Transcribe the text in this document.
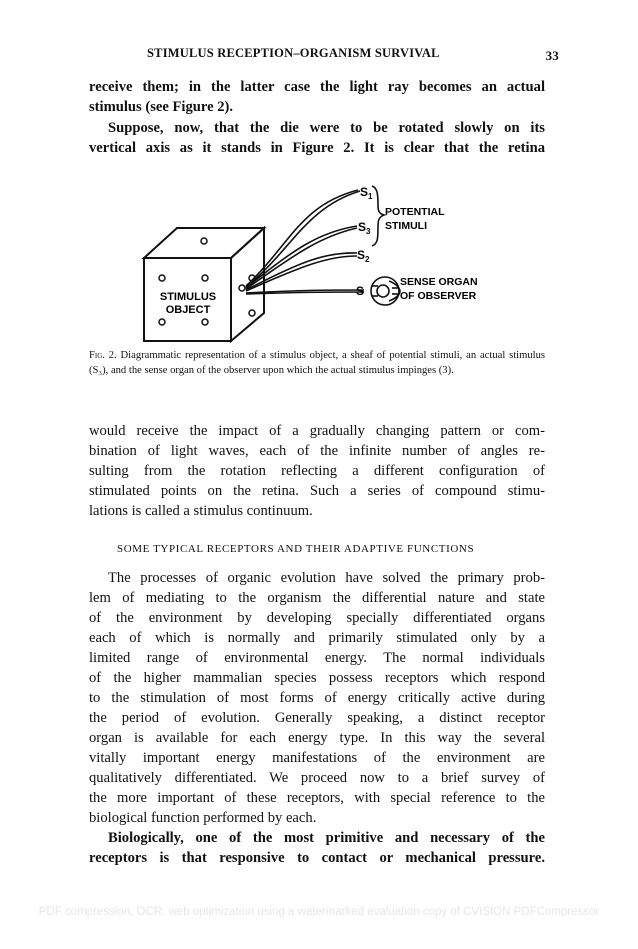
STIMULUS RECEPTION–ORGANISM SURVIVAL	33

receive them; in the latter case the light ray becomes an actual

stimulus (see Figure 2).

Suppose, now, that the die were to be rotated slowly on its

vertical axis as it stands in Figure 2. It is clear that the retina

STIMULUS
OBJECT
$S_1$
$S_3$
$S_2$
S
POTENTIAL
STIMULI
SENSE ORGAN
OF OBSERVER

Fig. 2. Diagrammatic representation of a stimulus object, a sheaf of potential stimuli, an actual stimulus (S₃), and the sense organ of the observer upon which the actual stimulus impinges (3).

would receive the impact of a gradually changing pattern or com-

bination of light waves, each of the infinite number of angles re-

sulting from the rotation reflecting a different configuration of

stimulated points on the retina. Such a series of compound stimu-

lations is called a stimulus continuum.

SOME TYPICAL RECEPTORS AND THEIR ADAPTIVE FUNCTIONS

The processes of organic evolution have solved the primary prob-

lem of mediating to the organism the differential nature and state

of the environment by developing specially differentiated organs

each of which is normally and primarily stimulated only by a

limited range of environmental energy. The normal individuals

of the higher mammalian species possess receptors which respond

to the stimulation of most forms of energy critically active during

the period of evolution. Generally speaking, a distinct receptor

organ is available for each energy type. In this way the several

vitally important energy manifestations of the environment are

qualitatively differentiated. We proceed now to a brief survey of

the more important of these receptors, with special reference to the

biological function performed by each.

Biologically, one of the most primitive and necessary of the

receptors is that responsive to contact or mechanical pressure.

PDF compression, OCR, web optimization using a watermarked evaluation copy of CVISION PDFCompressor
